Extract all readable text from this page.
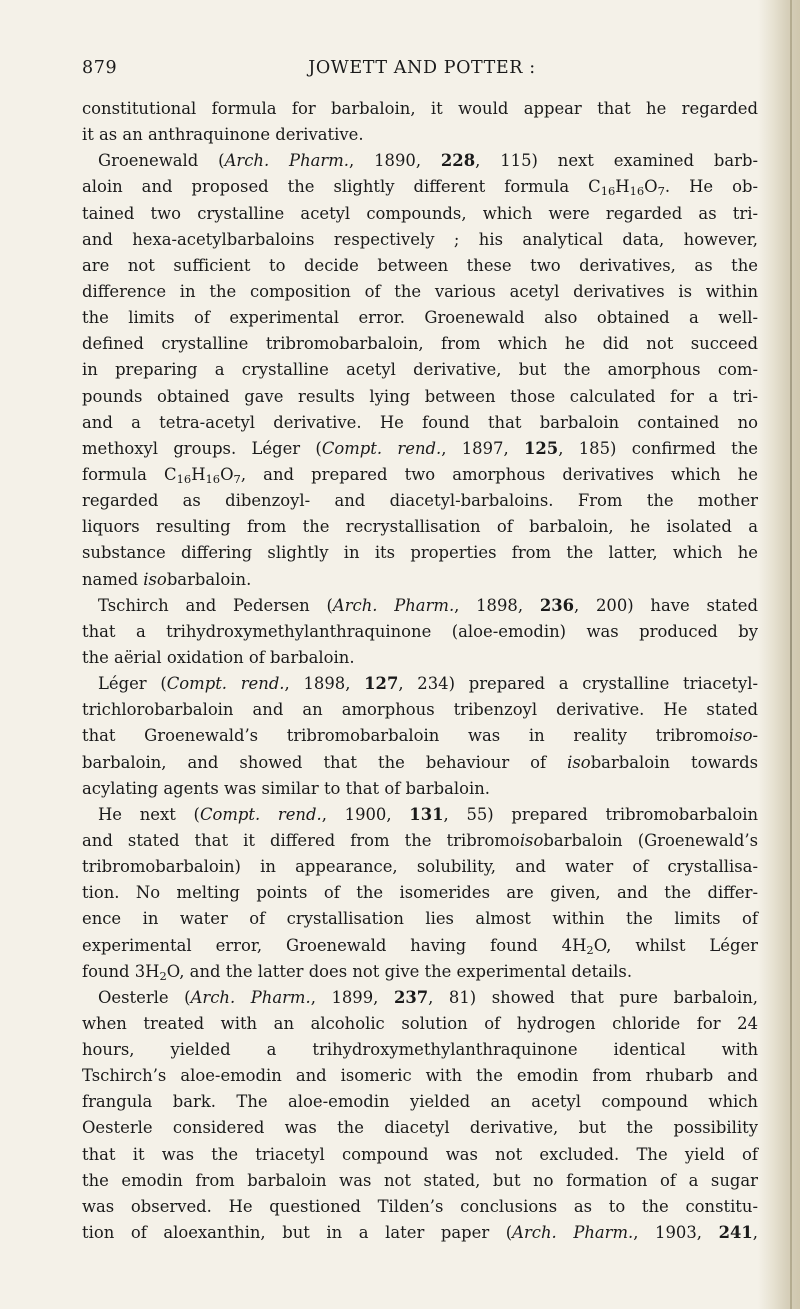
879	JOWETT AND POTTER :
constitutional formula for barbaloin, it would appear that he regarded
it as an anthraquinone derivative.
Groenewald (Arch. Pharm., 1890, 228, 115) next examined barb-
aloin and proposed the slightly different formula $C_{16}H_{16}O_7$. He ob-
tained two crystalline acetyl compounds, which were regarded as tri-
and hexa-acetylbarbaloins respectively ; his analytical data, however,
are not sufficient to decide between these two derivatives, as the
difference in the composition of the various acetyl derivatives is within
the limits of experimental error. Groenewald also obtained a well-
defined crystalline tribromobarbaloin, from which he did not succeed
in preparing a crystalline acetyl derivative, but the amorphous com-
pounds obtained gave results lying between those calculated for a tri-
and a tetra-acetyl derivative. He found that barbaloin contained no
methoxyl groups. Léger (Compt. rend., 1897, 125, 185) confirmed the
formula $C_{16}H_{16}O_7$, and prepared two amorphous derivatives which he
regarded as dibenzoyl- and diacetyl-barbaloins. From the mother
liquors resulting from the recrystallisation of barbaloin, he isolated a
substance differing slightly in its properties from the latter, which he
named isobarbaloin.
Tschirch and Pedersen (Arch. Pharm., 1898, 236, 200) have stated
that a trihydroxymethylanthraquinone (aloe-emodin) was produced by
the aërial oxidation of barbaloin.
Léger (Compt. rend., 1898, 127, 234) prepared a crystalline triacetyl-
trichlorobarbaloin and an amorphous tribenzoyl derivative. He stated
that Groenewald’s tribromobarbaloin was in reality tribromoiso-
barbaloin, and showed that the behaviour of isobarbaloin towards
acylating agents was similar to that of barbaloin.
He next (Compt. rend., 1900, 131, 55) prepared tribromobarbaloin
and stated that it differed from the tribromoisobarbaloin (Groenewald’s
tribromobarbaloin) in appearance, solubility, and water of crystallisa-
tion. No melting points of the isomerides are given, and the differ-
ence in water of crystallisation lies almost within the limits of
experimental error, Groenewald having found $4H_2O$, whilst Léger
found $3H_2O$, and the latter does not give the experimental details.
Oesterle (Arch. Pharm., 1899, 237, 81) showed that pure barbaloin,
when treated with an alcoholic solution of hydrogen chloride for 24
hours, yielded a trihydroxymethylanthraquinone identical with
Tschirch’s aloe-emodin and isomeric with the emodin from rhubarb and
frangula bark. The aloe-emodin yielded an acetyl compound which
Oesterle considered was the diacetyl derivative, but the possibility
that it was the triacetyl compound was not excluded. The yield of
the emodin from barbaloin was not stated, but no formation of a sugar
was observed. He questioned Tilden’s conclusions as to the constitu-
tion of aloexanthin, but in a later paper (Arch. Pharm., 1903, 241,
